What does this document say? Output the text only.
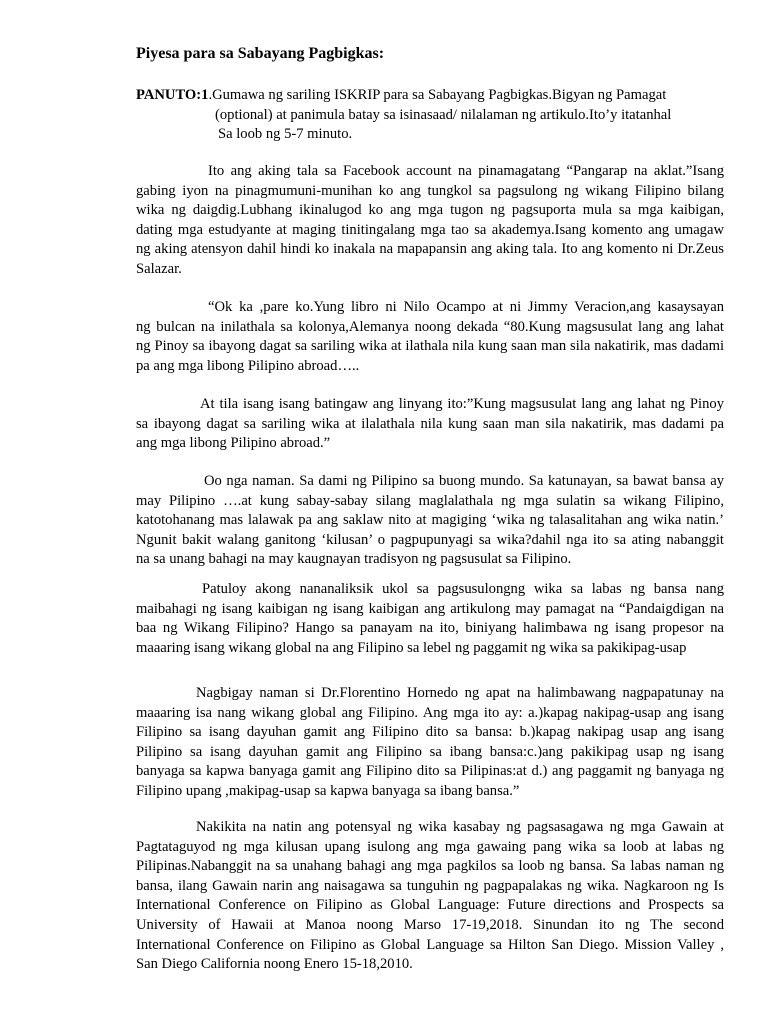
Piyesa para sa Sabayang Pagbigkas:
PANUTO:1.Gumawa ng sariling ISKRIP para sa Sabayang Pagbigkas.Bigyan ng Pamagat
(optional) at panimula batay sa isinasaad/ nilalaman ng artikulo.Ito’y itatanhal
Sa loob ng 5-7 minuto.
Ito ang aking tala sa Facebook account na pinamagatang “Pangarap na aklat.”Isang
gabing iyon na pinagmumuni-munihan ko ang tungkol sa pagsulong ng wikang Filipino bilang
wika ng daigdig.Lubhang ikinalugod ko ang mga tugon ng pagsuporta mula sa mga kaibigan,
dating mga estudyante at maging tinitingalang mga tao sa akademya.Isang komento ang umagaw
ng aking atensyon dahil hindi ko inakala na mapapansin ang aking tala. Ito ang komento ni Dr.Zeus
Salazar.
“Ok ka ,pare ko.Yung libro ni Nilo Ocampo at ni Jimmy Veracion,ang kasaysayan
ng bulcan na inilathala sa kolonya,Alemanya noong dekada “80.Kung magsusulat lang ang lahat
ng Pinoy sa ibayong dagat sa sariling wika at ilathala nila kung saan man sila nakatirik, mas dadami
pa ang mga libong Pilipino abroad…..
At tila isang isang batingaw ang linyang ito:”Kung magsusulat lang ang lahat ng Pinoy
sa ibayong dagat sa sariling wika at ilalathala nila kung saan man sila nakatirik, mas dadami pa
ang mga libong Pilipino abroad.”
Oo nga naman. Sa dami ng Pilipino sa buong mundo. Sa katunayan, sa bawat bansa ay
may Pilipino ….at kung sabay-sabay silang maglalathala ng mga sulatin sa wikang Filipino,
katotohanang mas lalawak pa ang saklaw nito at magiging ‘wika ng talasalitahan ang wika natin.’
Ngunit bakit walang ganitong ‘kilusan’ o pagpupunyagi sa wika?dahil nga ito sa ating nabanggit
na sa unang bahagi na may kaugnayan tradisyon ng pagsusulat sa Filipino.
Patuloy akong nananaliksik ukol sa pagsusulongng wika sa labas ng bansa nang
maibahagi ng isang kaibigan ng isang kaibigan ang artikulong may pamagat na “Pandaigdigan na
baa ng Wikang Filipino? Hango sa panayam na ito, biniyang halimbawa ng isang propesor na
maaaring isang wikang global na ang Filipino sa lebel ng paggamit ng wika sa pakikipag-usap
Nagbigay naman si Dr.Florentino Hornedo ng apat na halimbawang nagpapatunay na
maaaring isa nang wikang global ang Filipino. Ang mga ito ay: a.)kapag nakipag-usap ang isang
Filipino sa isang dayuhan gamit ang Filipino dito sa bansa: b.)kapag nakipag usap ang isang
Pilipino sa isang dayuhan gamit ang Filipino sa ibang bansa:c.)ang pakikipag usap ng isang
banyaga sa kapwa banyaga gamit ang Filipino dito sa Pilipinas:at d.) ang paggamit ng banyaga ng
Filipino upang ,makipag-usap sa kapwa banyaga sa ibang bansa.”
Nakikita na natin ang potensyal ng wika kasabay ng pagsasagawa ng mga Gawain at
Pagtataguyod ng mga kilusan upang isulong ang mga gawaing pang wika sa loob at labas ng
Pilipinas.Nabanggit na sa unahang bahagi ang mga pagkilos sa loob ng bansa. Sa labas naman ng
bansa, ilang Gawain narin ang naisagawa sa tunguhin ng pagpapalakas ng wika. Nagkaroon ng Is
International Conference on Filipino as Global Language: Future directions and Prospects sa
University of Hawaii at Manoa noong Marso 17-19,2018. Sinundan ito ng The second
International Conference on Filipino as Global Language sa Hilton San Diego. Mission Valley ,
San Diego California noong Enero 15-18,2010.
